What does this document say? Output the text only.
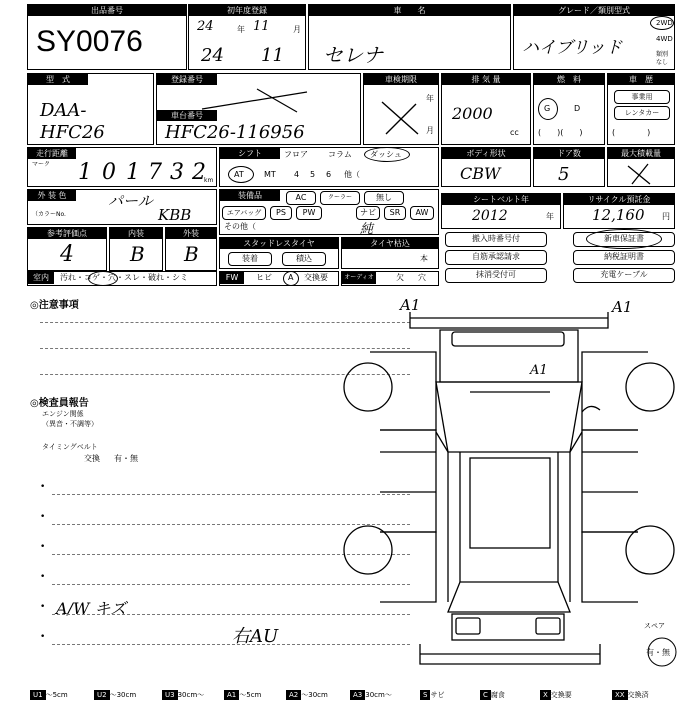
出品番号
SY0076
初年度登録
24	年 11	月
24 11
車　　名
セレナ
グレード／類別型式
ハイブリッド
2WD
4WD
類別
なし
型　式
DAA-HFC26
登録番号
車台番号
HFC26-116956
車検期限
年
月
排 気 量
2000
cc
燃　料
G	D
(　　)(　　)
車　歴
事業用
レンタカー
(　　　　)
走行距離
マーク 1 0 1 7 3 2
km
シフト	フロア	コラム ダッシュ
AT	MT 4 5 6 他（
ボディ形状
CBW
ドア数
5
最大積載量
外 装 色	パール
（カラーNo.	KBB
装備品	AC	クーラー	無し
エアバッグ	PS	PW	ナビ	SR	AW
その他（	純
シートベルト年
2012	年
リサイクル預託金
12,160 円
参考評価点
4
内装
B
外装
B	スタッドレスタイヤ
装着	積込
タイヤ枯込
本
搬入時番号付	新車保証書
自筋承認請求	納税証明書
抹消受付可	充電ケーブル
室内	汚れ・コゲ・穴・スレ・破れ・シミ	FW	ヒビ A 交換要	オーディオ	欠 穴
◎注意事項
◎検査員報告
エンジン関係
（異音・不調等）
タイミングベルト
交換 有・無
•
•
•
•
• A/W キズ
•	右AU
A1	A1
A1
スペア
有・無
U1 ～5cm	U2 ～30cm	U3 30cm～	A1 ～5cm	A2 ～30cm	A3 30cm～	S サビ	C 腐食	X 交換要	XX 交換済
